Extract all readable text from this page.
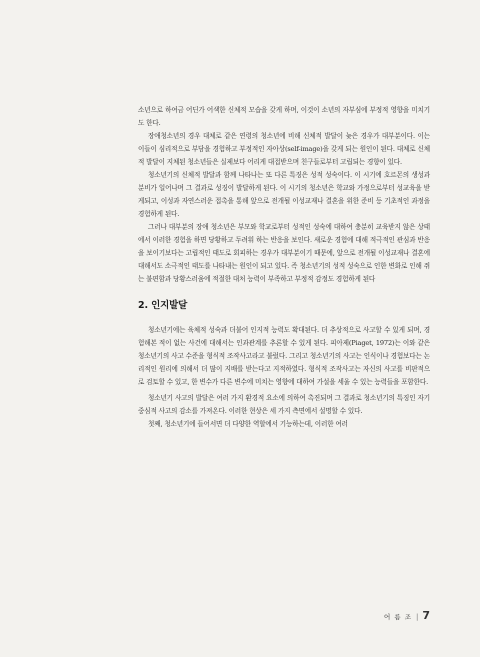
소년으로 하여금 어딘가 어색한 신체적 모습을 갖게 하며, 이것이 소년의 자부심에 부정적 영향을 미치기도 한다.

장애청소년의 경우 대체로 같은 연령의 청소년에 비해 신체적 발달이 늦은 경우가 대부분이다. 이는 이들이 심리적으로 부담을 경험하고 부정적인 자아상(self-image)을 갖게 되는 원인이 된다. 대체로 신체적 발달이 지체된 청소년들은 실제보다 어리게 대접받으며 친구들로부터 고립되는 경향이 있다.

청소년기의 신체적 발달과 함께 나타나는 또 다른 특징은 성적 성숙이다. 이 시기에 호르몬의 생성과 분비가 일어나며 그 결과로 성징이 발달하게 된다. 이 시기의 청소년은 학교와 가정으로부터 성교육을 받게되고, 이성과 자연스러운 접촉을 통해 앞으로 전개될 이성교재나 결혼을 위한 준비 등 기초적인 과정을 경험하게 된다.

그러나 대부분의 장애 청소년은 부모와 학교로부터 성적인 성숙에 대하여 충분히 교육받지 않은 상태에서 이러한 경험을 하면 당황하고 두려워 하는 반응을 보인다. 새로운 경험에 대해 적극적인 관심과 반응을 보이기보다는 고립적인 태도로 회피하는 경우가 대부분이기 때문에, 앞으로 전개될 이성교재나 결혼에 대해서도 소극적인 태도를 나타내는 원인이 되고 있다. 즉 청소년기의 성적 성숙으로 인한 변화로 인해 쥐는 불편함과 당황스러움에 적절한 대처 능력이 부족하고 부정적 감정도 경험하게 된다

2. 인지발달

청소년기에는 육체적 성숙과 더불어 인지적 능력도 확대된다. 더 추상적으로 사고할 수 있게 되며, 경험해본 적이 없는 사건에 대해서는 인과관계를 추론할 수 있게 된다. 피아제(Piaget, 1972)는 이와 같은 청소년기의 사고 수준을 형식적 조작사고라고 불렀다. 그리고 청소년기의 사고는 인식이나 경험보다는 논리적인 원리에 의해서 더 많이 지배를 받는다고 지적하였다. 형식적 조작사고는 자신의 사고를 비판적으로 검토할 수 있고, 한 변수가 다른 변수에 미치는 영향에 대하여 가설을 세울 수 있는 능력들을 포함한다.

청소년기 사고의 발달은 여러 가지 환경적 요소에 의하여 촉진되며 그 결과로 청소년기의 특징인 자기중심적 사고의 감소를 가져온다. 이러한 현상은 세 가지 측면에서 설명할 수 있다.

첫째, 청소년기에 들어서면 더 다양한 역할에서 기능하는데, 이러한 여러

어 름 조 | 7
